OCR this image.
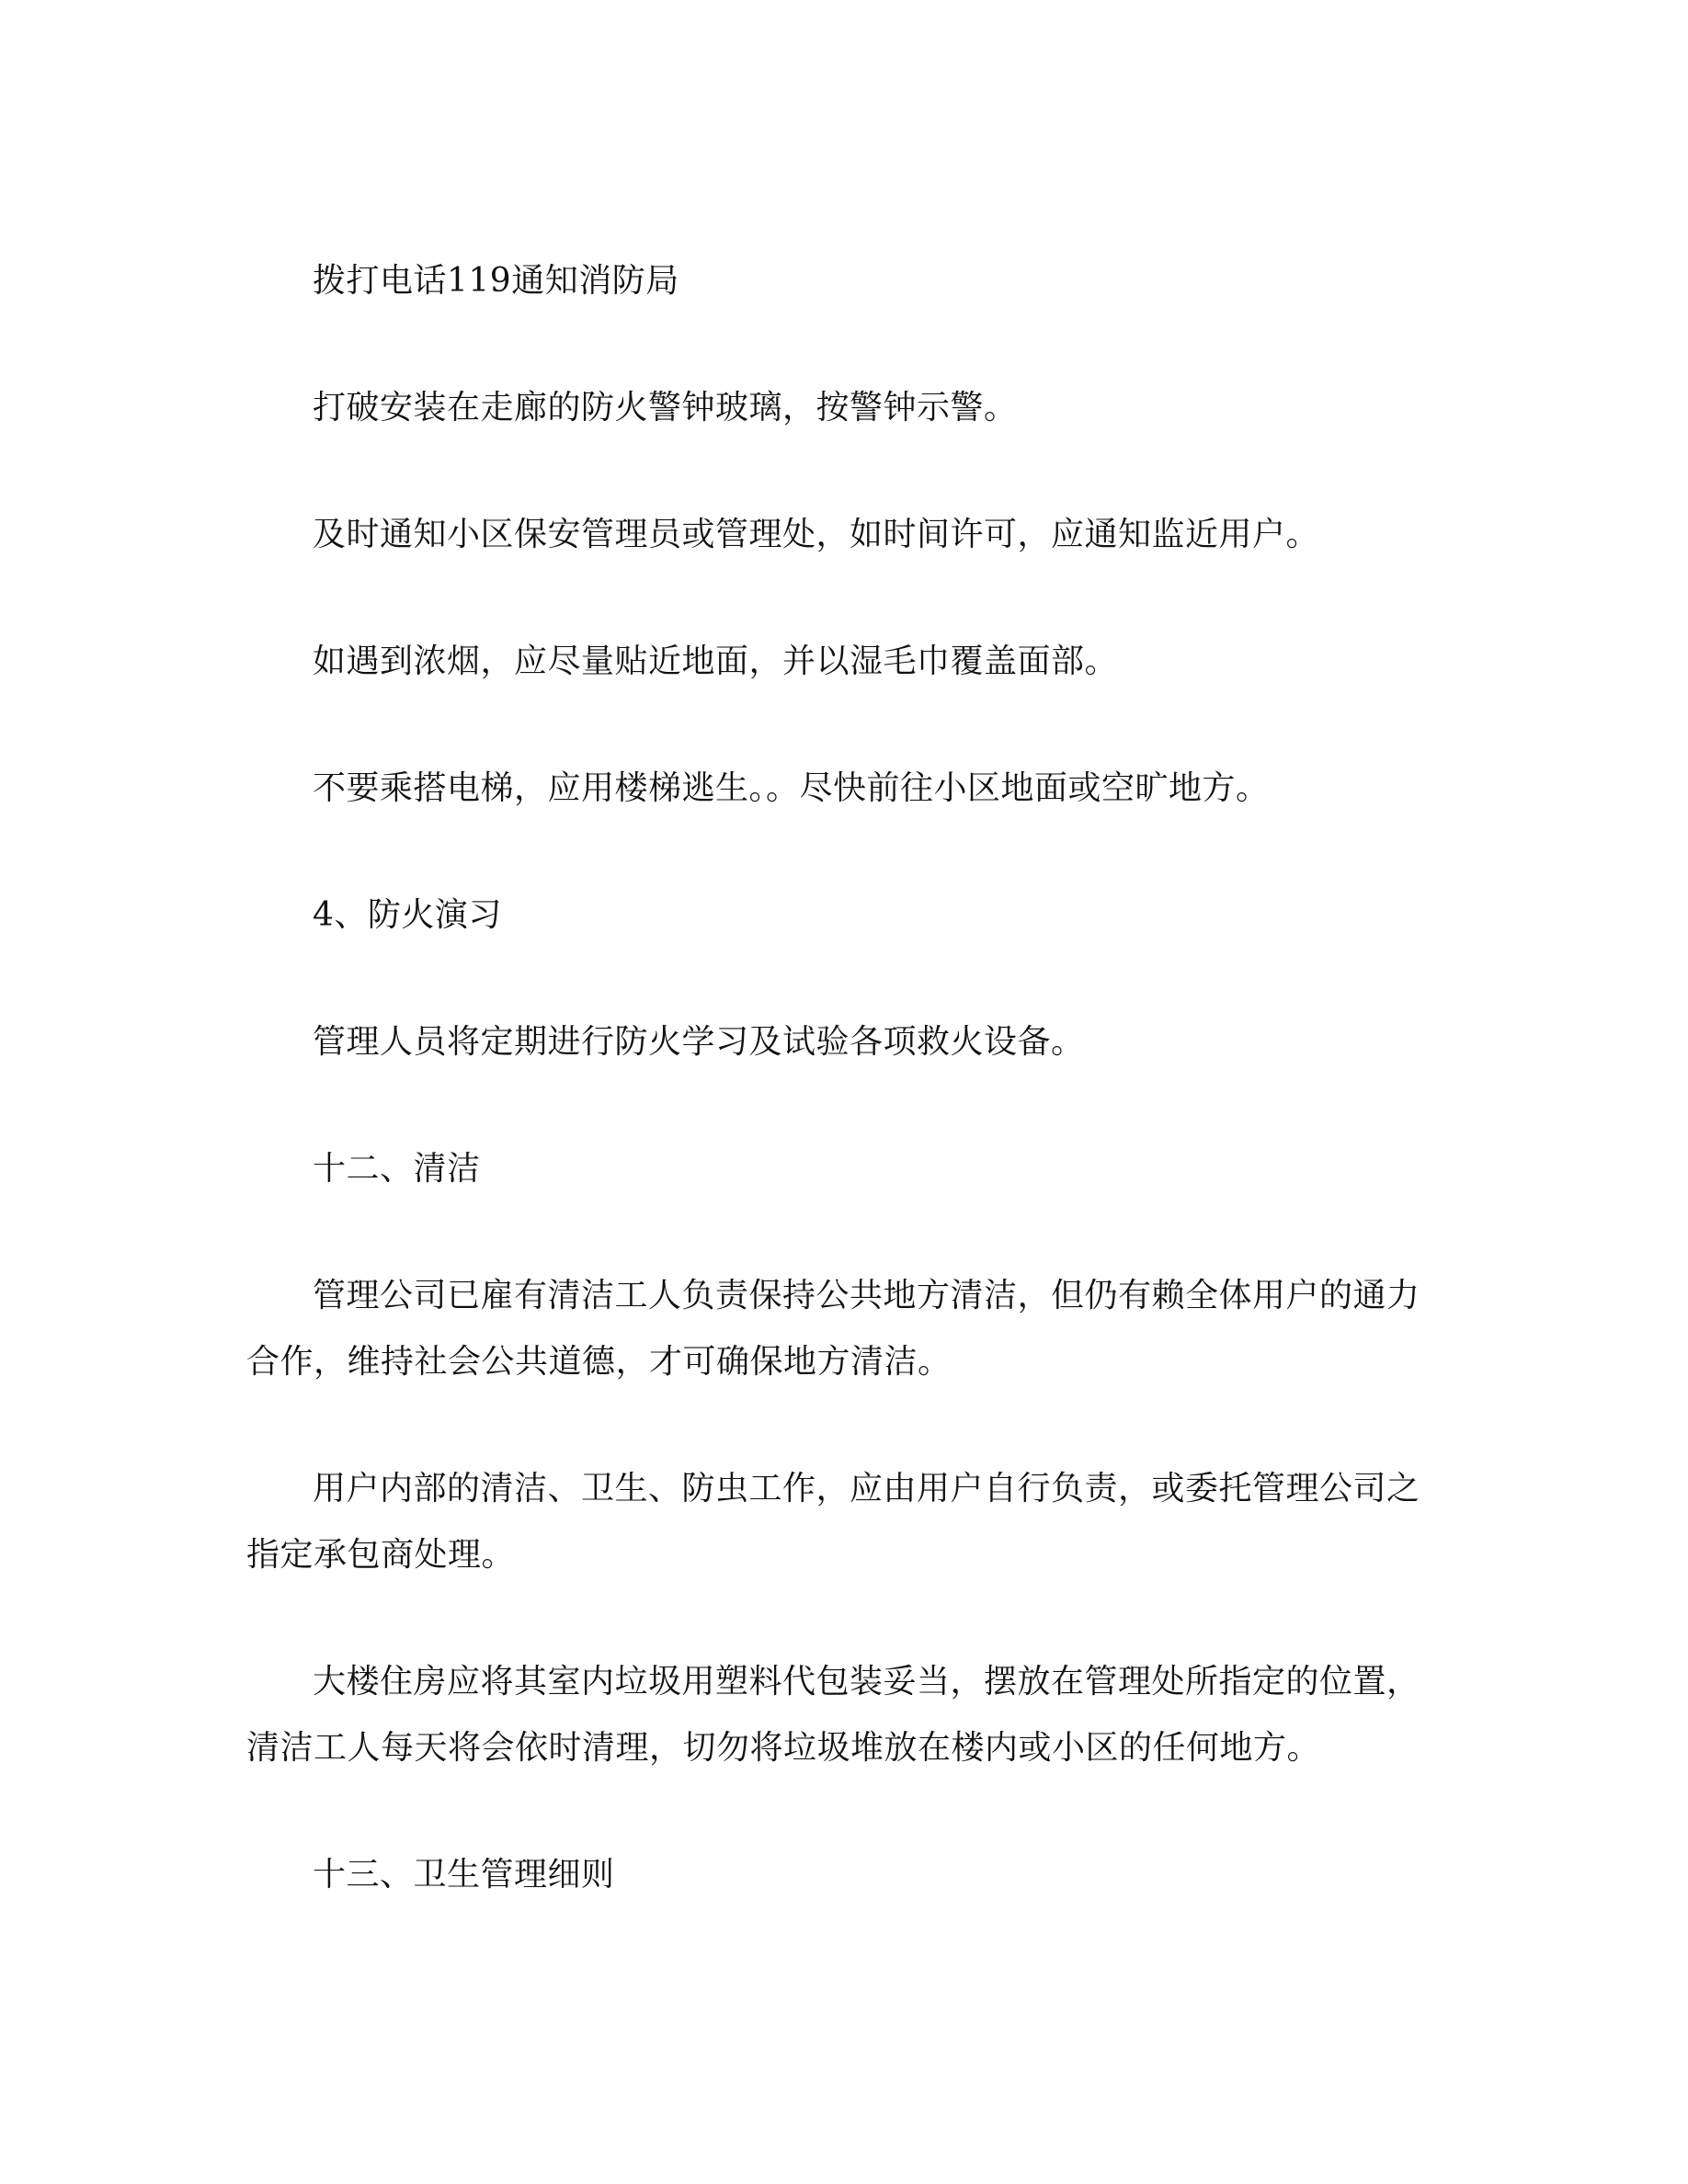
拨打电话119通知消防局

打破安装在走廊的防火警钟玻璃，按警钟示警。

及时通知小区保安管理员或管理处，如时间许可，应通知监近用户。

如遇到浓烟，应尽量贴近地面，并以湿毛巾覆盖面部。

不要乘搭电梯，应用楼梯逃生。。尽快前往小区地面或空旷地方。

4、防火演习

管理人员将定期进行防火学习及试验各项救火设备。

十二、清洁

管理公司已雇有清洁工人负责保持公共地方清洁，但仍有赖全体用户的通力合作，维持社会公共道德，才可确保地方清洁。

用户内部的清洁、卫生、防虫工作，应由用户自行负责，或委托管理公司之指定承包商处理。

大楼住房应将其室内垃圾用塑料代包装妥当，摆放在管理处所指定的位置，清洁工人每天将会依时清理，切勿将垃圾堆放在楼内或小区的任何地方。

十三、卫生管理细则
